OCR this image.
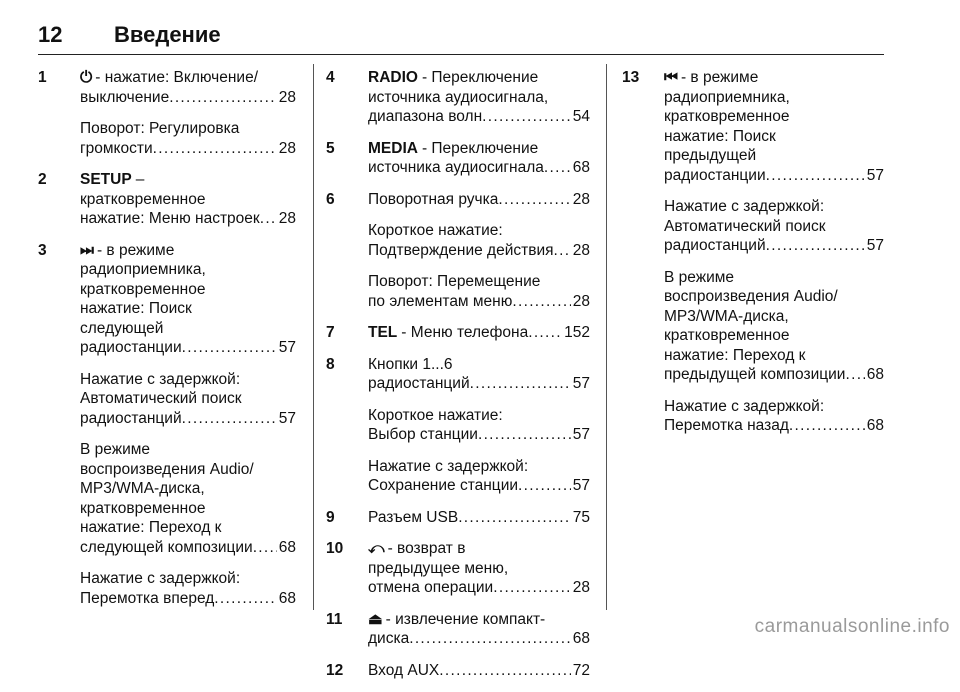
12 Введение
1 ⏻ - нажатие: Включение/
выключение . . .	28
Поворот: Регулировка
громкости . . .	28
2 SETUP –
кратковременное
нажатие: Меню настроек . . . 28
3 ⏭ - в режиме
радиоприемника,
кратковременное
нажатие: Поиск
следующей
радиостанции . . .	57
Нажатие с задержкой:
Автоматический поиск
радиостанций . . .	57
В режиме
воспроизведения Audio/
MP3/WMA-диска,
кратковременное
нажатие: Переход к
следующей композиции . . . 68
Нажатие с задержкой:
Перемотка вперед . . .	68
4 RADIO - Переключение
источника аудиосигнала,
диапазона волн . . .	54
5 MEDIA - Переключение
источника аудиосигнала . . . 68
6 Поворотная ручка . . .	28
Короткое нажатие:
Подтверждение действия . . . 28
Поворот: Перемещение
по элементам меню . . .	28
7 TEL - Меню телефона . . . 152
8 Кнопки 1...6
радиостанций . . .	57
Короткое нажатие:
Выбор станции . . .	57
Нажатие с задержкой:
Сохранение станции . . .	57
9 Разъем USB . . .	75
10 ⤺ - возврат в
предыдущее меню,
отмена операции . . .	28
11 ⏏ - извлечение компакт-
диска . . .	68
12 Вход AUX . . .	72
13 ⏮ - в режиме
радиоприемника,
кратковременное
нажатие: Поиск
предыдущей
радиостанции . . .	57
Нажатие с задержкой:
Автоматический поиск
радиостанций . . .	57
В режиме
воспроизведения Audio/
MP3/WMA-диска,
кратковременное
нажатие: Переход к
предыдущей композиции . . . 68
Нажатие с задержкой:
Перемотка назад . . .	68
carmanualsonline.info
